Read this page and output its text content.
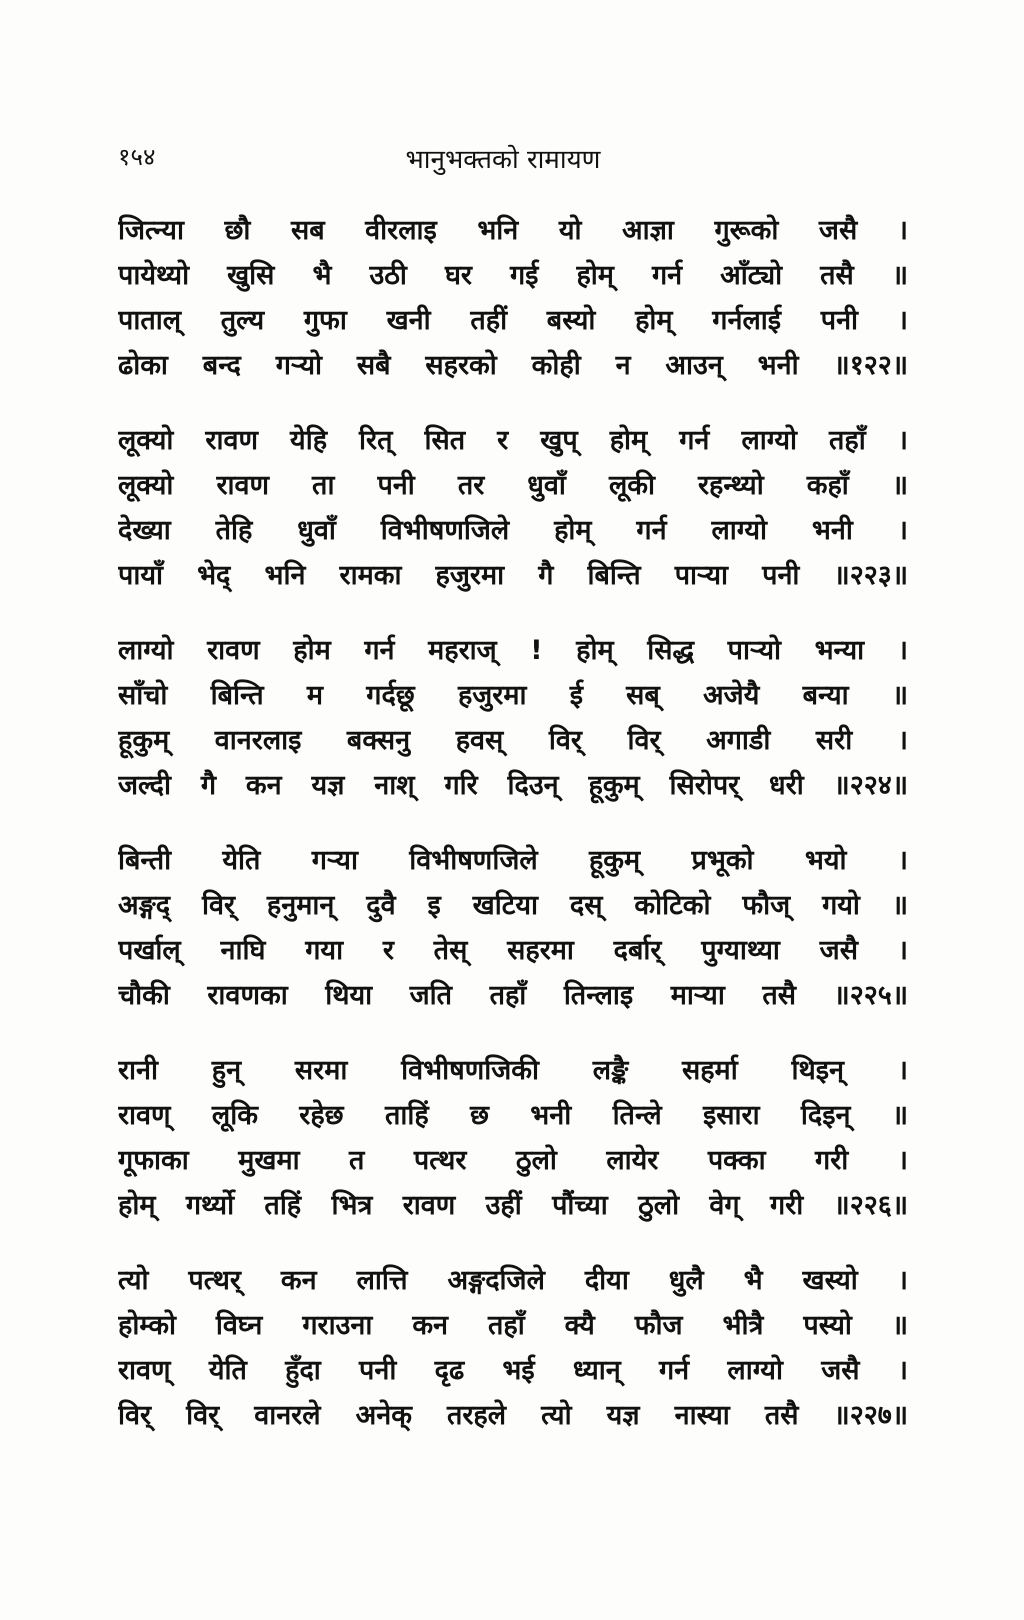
१५४	भानुभक्तको रामायण
जित्न्या छौ सब वीरलाइ भनि यो आज्ञा गुरूको जसै ।
पायेथ्यो खुसि भै उठी घर गई होम् गर्न आँट्यो तसै ॥
पाताल् तुल्य गुफा खनी तहीं बस्यो होम् गर्नलाई पनी ।
ढोका बन्द गऱ्यो सबै सहरको कोही न आउन् भनी ॥१२२॥
लूक्यो रावण येहि रित् सित र खुप् होम् गर्न लाग्यो तहाँ ।
लूक्यो रावण ता पनी तर धुवाँ लूकी रहन्थ्यो कहाँ ॥
देख्या तेहि धुवाँ विभीषणजिले होम् गर्न लाग्यो भनी ।
पायाँ भेद् भनि रामका हजुरमा गै बिन्ति पाऱ्या पनी ॥२२३॥
लाग्यो रावण होम गर्न महराज् ! होम् सिद्ध पाऱ्यो भन्या ।
साँचो बिन्ति म गर्दछू हजुरमा ई सब् अजेयै बन्या ॥
हूकुम् वानरलाइ बक्सनु हवस् विर् विर् अगाडी सरी ।
जल्दी गै कन यज्ञ नाश् गरि दिउन् हूकुम् सिरोपर् धरी ॥२२४॥
बिन्ती येति गऱ्या विभीषणजिले हूकुम् प्रभूको भयो ।
अङ्गद् विर् हनुमान् दुवै इ खटिया दस् कोटिको फौज् गयो ॥
पर्खाल् नाघि गया र तेस् सहरमा दर्बार् पुग्याथ्या जसै ।
चौकी रावणका थिया जति तहाँ तिन्लाइ माऱ्या तसै ॥२२५॥
रानी हुन् सरमा विभीषणजिकी लङ्कै सहर्मा थिइन् ।
रावण् लूकि रहेछ ताहिं छ भनी तिन्ले इसारा दिइन् ॥
गूफाका मुखमा त पत्थर ठुलो लायेर पक्का गरी ।
होम् गर्थ्यो तहिं भित्र रावण उहीं पौंच्या ठुलो वेग् गरी ॥२२६॥
त्यो पत्थर् कन लात्ति अङ्गदजिले दीया धुलै भै खस्यो ।
होम्को विघ्न गराउना कन तहाँ क्यै फौज भीत्रै पस्यो ॥
रावण् येति हुँदा पनी दृढ भई ध्यान् गर्न लाग्यो जसै ।
विर् विर् वानरले अनेक् तरहले त्यो यज्ञ नास्या तसै ॥२२७॥
